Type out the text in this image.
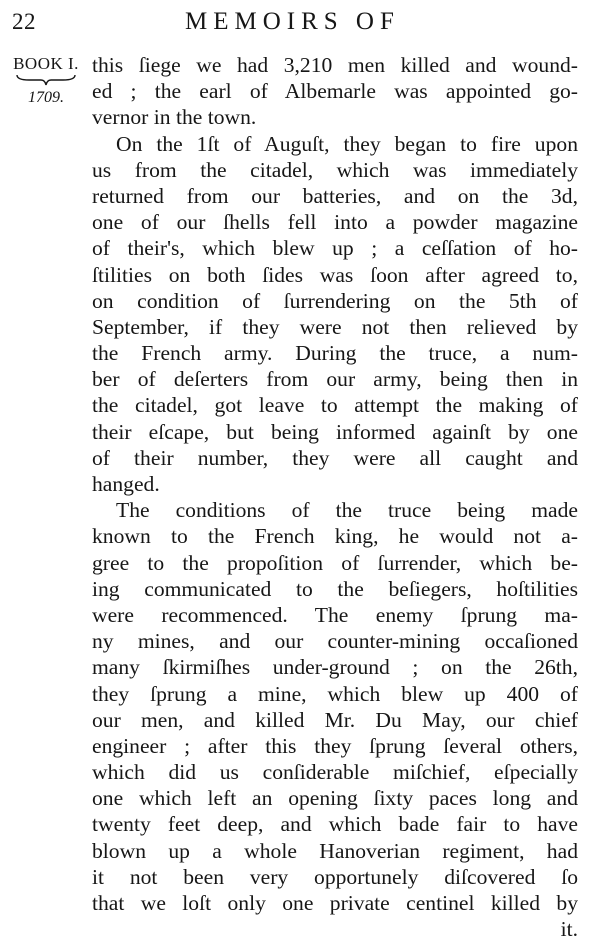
22	MEMOIRS OF
BOOK I.
1709.
this ſiege we had 3,210 men killed and wound-
ed ; the earl of Albemarle was appointed go-
vernor in the town.
On the 1ſt of Auguſt, they began to fire upon
us from the citadel, which was immediately
returned from our batteries, and on the 3d,
one of our ſhells fell into a powder magazine
of their's, which blew up ; a ceſſation of ho-
ſtilities on both ſides was ſoon after agreed to,
on condition of ſurrendering on the 5th of
September, if they were not then relieved by
the French army. During the truce, a num-
ber of deſerters from our army, being then in
the citadel, got leave to attempt the making of
their eſcape, but being informed againſt by one
of their number, they were all caught and
hanged.
The conditions of the truce being made
known to the French king, he would not a-
gree to the propoſition of ſurrender, which be-
ing communicated to the beſiegers, hoſtilities
were recommenced. The enemy ſprung ma-
ny mines, and our counter-mining occaſioned
many ſkirmiſhes under-ground ; on the 26th,
they ſprung a mine, which blew up 400 of
our men, and killed Mr. Du May, our chief
engineer ; after this they ſprung ſeveral others,
which did us conſiderable miſchief, eſpecially
one which left an opening ſixty paces long and
twenty feet deep, and which bade fair to have
blown up a whole Hanoverian regiment, had
it not been very opportunely diſcovered ſo
that we loſt only one private centinel killed by
it.
